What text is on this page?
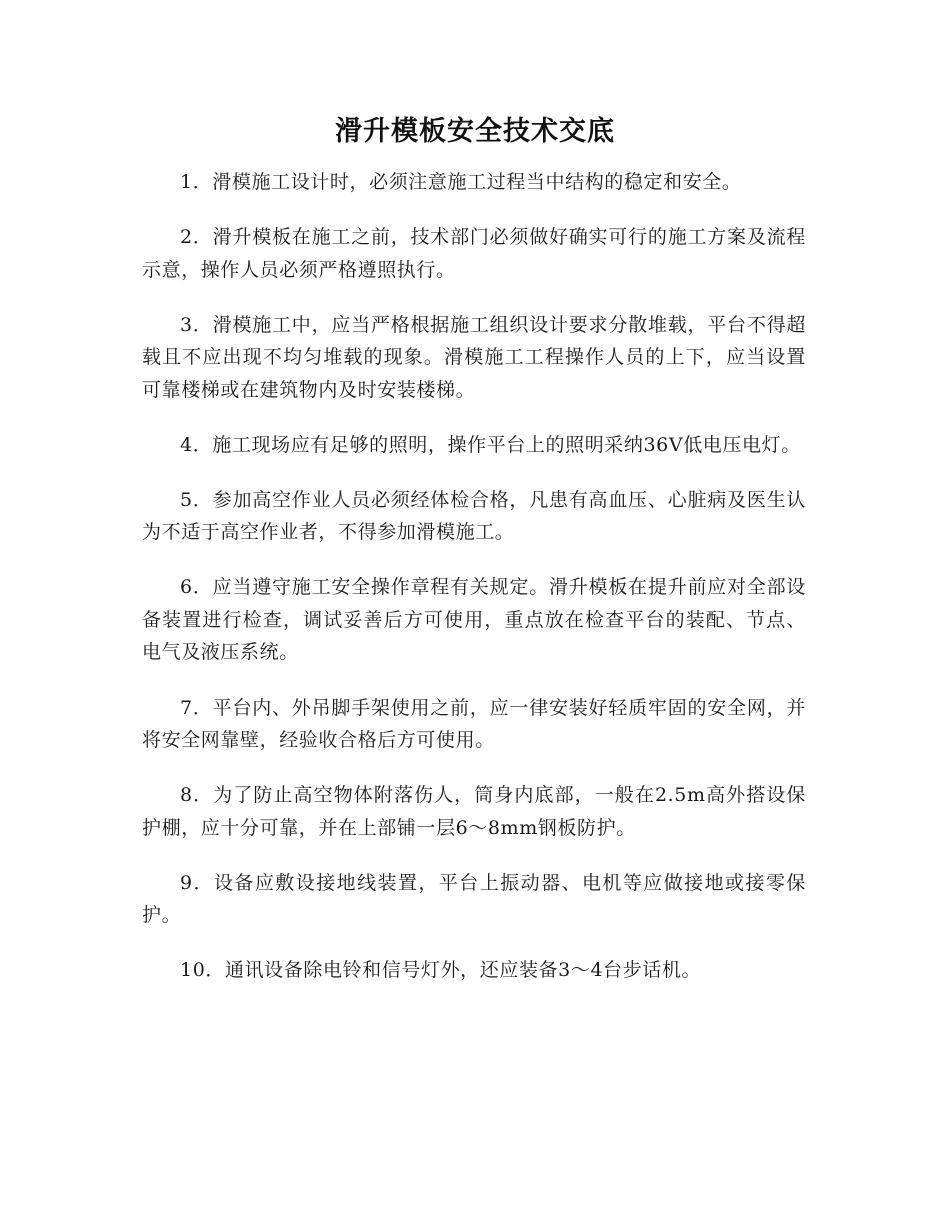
滑升模板安全技术交底

1．滑模施工设计时，必须注意施工过程当中结构的稳定和安全。

2．滑升模板在施工之前，技术部门必须做好确实可行的施工方案及流程示意，操作人员必须严格遵照执行。

3．滑模施工中，应当严格根据施工组织设计要求分散堆载，平台不得超载且不应出现不均匀堆载的现象。滑模施工工程操作人员的上下，应当设置可靠楼梯或在建筑物内及时安装楼梯。

4．施工现场应有足够的照明，操作平台上的照明采纳36V低电压电灯。

5．参加高空作业人员必须经体检合格，凡患有高血压、心脏病及医生认为不适于高空作业者，不得参加滑模施工。

6．应当遵守施工安全操作章程有关规定。滑升模板在提升前应对全部设备装置进行检查，调试妥善后方可使用，重点放在检查平台的装配、节点、电气及液压系统。

7．平台内、外吊脚手架使用之前，应一律安装好轻质牢固的安全网，并将安全网靠壁，经验收合格后方可使用。

8．为了防止高空物体附落伤人，筒身内底部，一般在2.5m高外搭设保护棚，应十分可靠，并在上部铺一层6～8mm钢板防护。

9．设备应敷设接地线装置，平台上振动器、电机等应做接地或接零保护。

10．通讯设备除电铃和信号灯外，还应装备3～4台步话机。
